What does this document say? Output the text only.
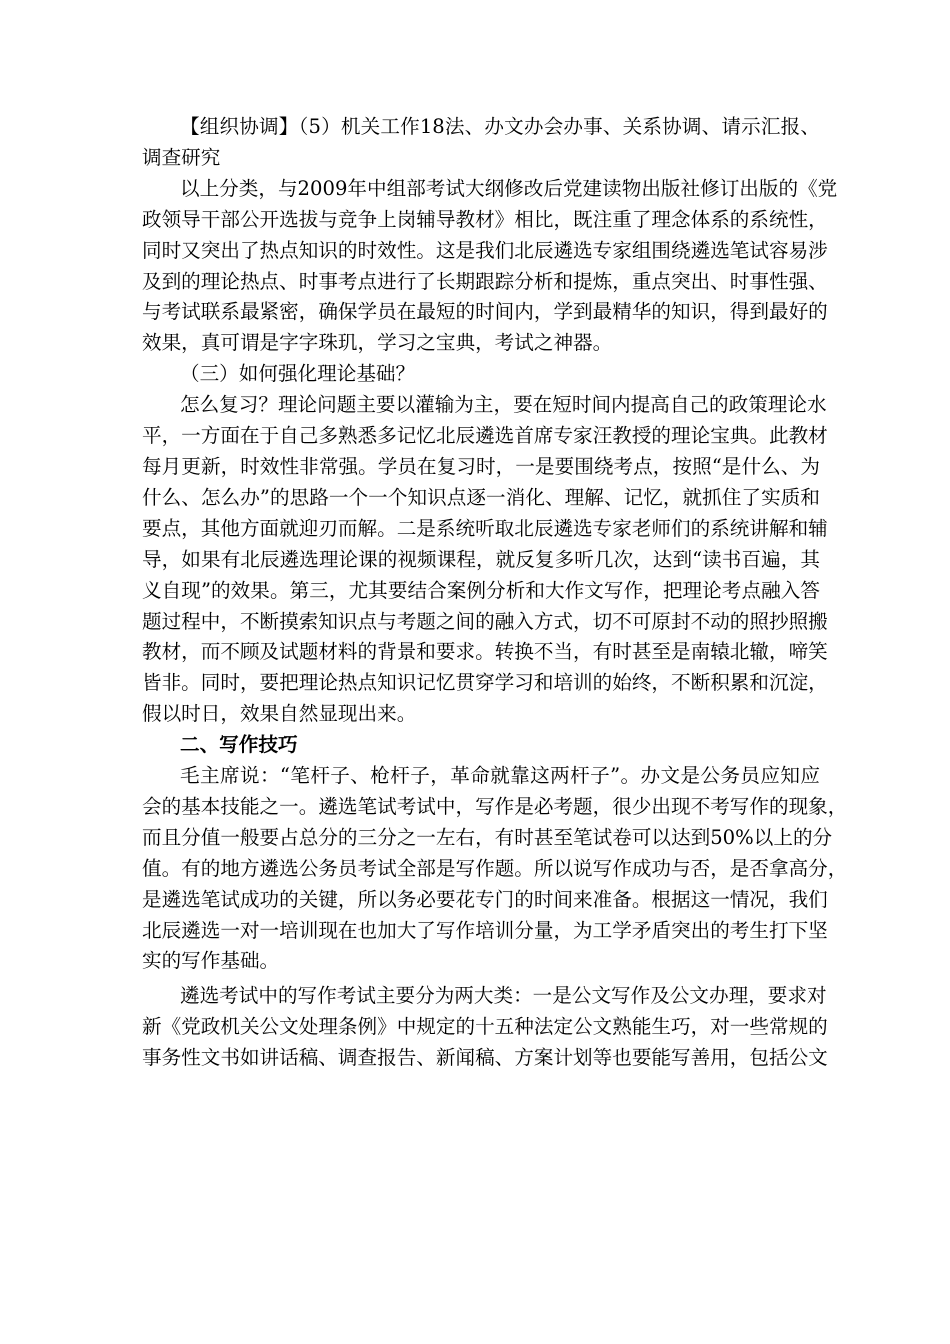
【组织协调】（5）机关工作18法、办文办会办事、关系协调、请示汇报、
调查研究

以上分类，与2009年中组部考试大纲修改后党建读物出版社修订出版的《党
政领导干部公开选拔与竞争上岗辅导教材》相比，既注重了理念体系的系统性，
同时又突出了热点知识的时效性。这是我们北辰遴选专家组围绕遴选笔试容易涉
及到的理论热点、时事考点进行了长期跟踪分析和提炼，重点突出、时事性强、
与考试联系最紧密，确保学员在最短的时间内，学到最精华的知识，得到最好的
效果，真可谓是字字珠玑，学习之宝典，考试之神器。

（三）如何强化理论基础？

怎么复习？理论问题主要以灌输为主，要在短时间内提高自己的政策理论水
平，一方面在于自己多熟悉多记忆北辰遴选首席专家汪教授的理论宝典。此教材
每月更新，时效性非常强。学员在复习时，一是要围绕考点，按照“是什么、为
什么、怎么办”的思路一个一个知识点逐一消化、理解、记忆，就抓住了实质和
要点，其他方面就迎刃而解。二是系统听取北辰遴选专家老师们的系统讲解和辅
导，如果有北辰遴选理论课的视频课程，就反复多听几次，达到“读书百遍，其
义自现”的效果。第三，尤其要结合案例分析和大作文写作，把理论考点融入答
题过程中，不断摸索知识点与考题之间的融入方式，切不可原封不动的照抄照搬
教材，而不顾及试题材料的背景和要求。转换不当，有时甚至是南辕北辙，啼笑
皆非。同时，要把理论热点知识记忆贯穿学习和培训的始终，不断积累和沉淀，
假以时日，效果自然显现出来。

二、写作技巧

毛主席说：“笔杆子、枪杆子，革命就靠这两杆子”。办文是公务员应知应
会的基本技能之一。遴选笔试考试中，写作是必考题，很少出现不考写作的现象，
而且分值一般要占总分的三分之一左右，有时甚至笔试卷可以达到50%以上的分
值。有的地方遴选公务员考试全部是写作题。所以说写作成功与否，是否拿高分，
是遴选笔试成功的关键，所以务必要花专门的时间来准备。根据这一情况，我们
北辰遴选一对一培训现在也加大了写作培训分量，为工学矛盾突出的考生打下坚
实的写作基础。

遴选考试中的写作考试主要分为两大类：一是公文写作及公文办理，要求对
新《党政机关公文处理条例》中规定的十五种法定公文熟能生巧，对一些常规的
事务性文书如讲话稿、调查报告、新闻稿、方案计划等也要能写善用，包括公文
